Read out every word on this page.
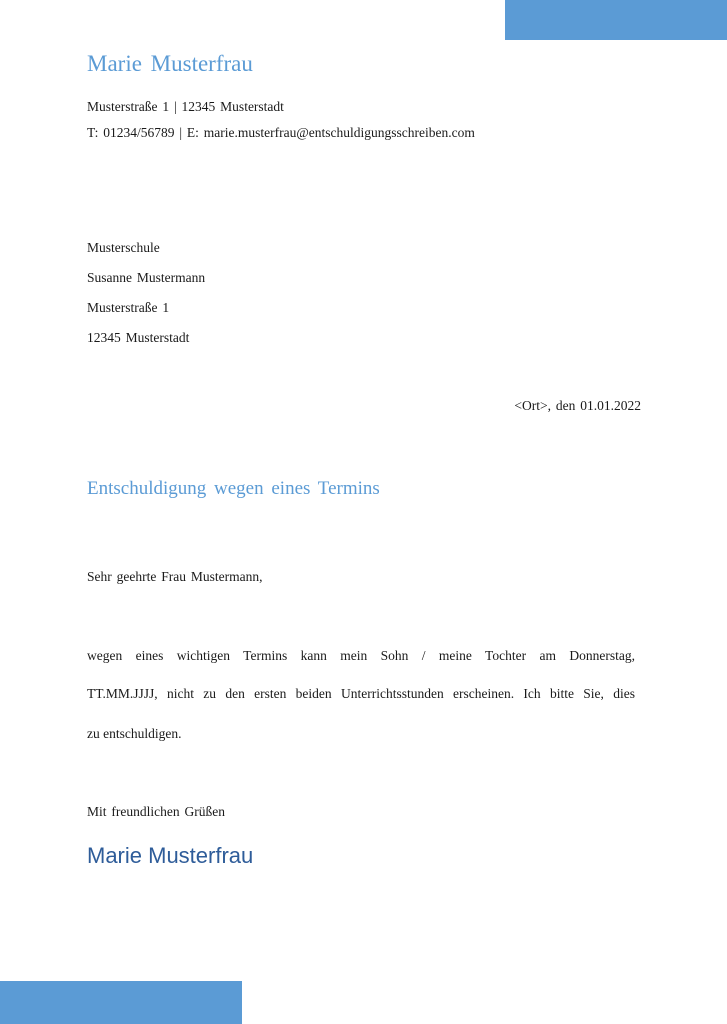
Marie Musterfrau
Musterstraße 1 | 12345 Musterstadt
T: 01234/56789 | E: marie.musterfrau@entschuldigungsschreiben.com
Musterschule
Susanne Mustermann
Musterstraße 1
12345 Musterstadt
<Ort>, den 01.01.2022
Entschuldigung wegen eines Termins
Sehr geehrte Frau Mustermann,
wegen eines wichtigen Termins kann mein Sohn / meine Tochter am Donnerstag,
TT.MM.JJJJ, nicht zu den ersten beiden Unterrichtsstunden erscheinen. Ich bitte Sie, dies
zu entschuldigen.
Mit freundlichen Grüßen
Marie Musterfrau
